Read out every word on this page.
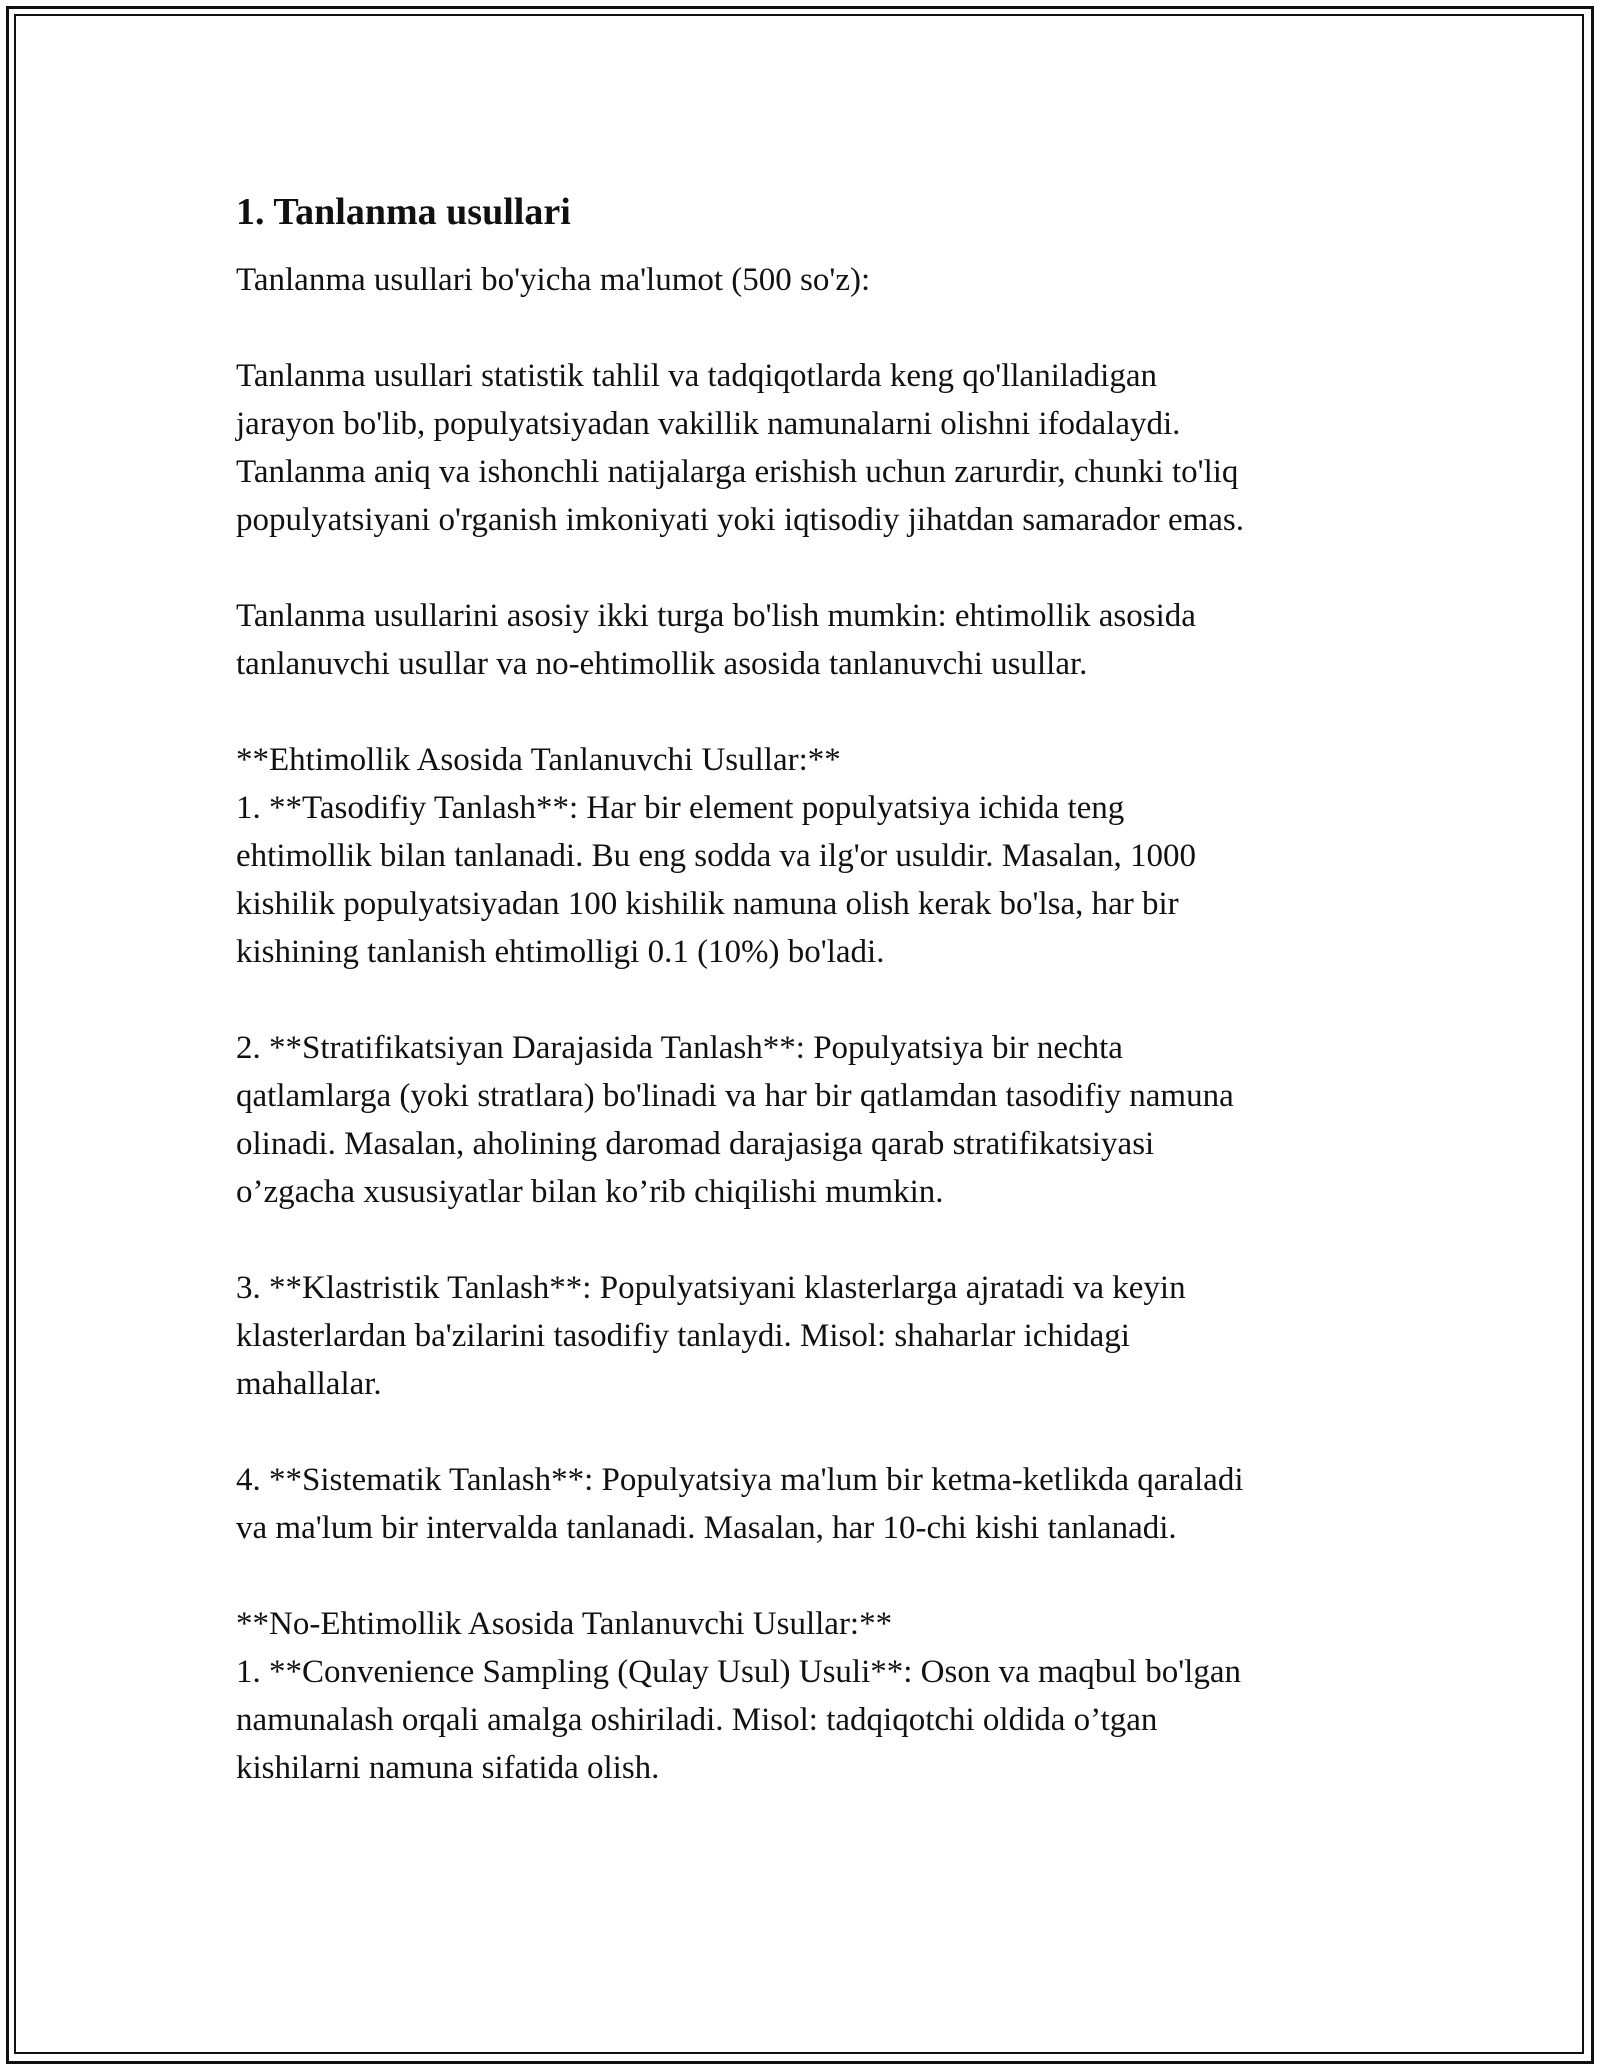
1. Tanlanma usullari
Tanlanma usullari bo'yicha ma'lumot (500 so'z):
Tanlanma usullari statistik tahlil va tadqiqotlarda keng qo'llaniladigan
jarayon bo'lib, populyatsiyadan vakillik namunalarni olishni ifodalaydi.
Tanlanma aniq va ishonchli natijalarga erishish uchun zarurdir, chunki to'liq
populyatsiyani o'rganish imkoniyati yoki iqtisodiy jihatdan samarador emas.
Tanlanma usullarini asosiy ikki turga bo'lish mumkin: ehtimollik asosida
tanlanuvchi usullar va no-ehtimollik asosida tanlanuvchi usullar.
**Ehtimollik Asosida Tanlanuvchi Usullar:**
1. **Tasodifiy Tanlash**: Har bir element populyatsiya ichida teng
ehtimollik bilan tanlanadi. Bu eng sodda va ilg'or usuldir. Masalan, 1000
kishilik populyatsiyadan 100 kishilik namuna olish kerak bo'lsa, har bir
kishining tanlanish ehtimolligi 0.1 (10%) bo'ladi.
2. **Stratifikatsiyan Darajasida Tanlash**: Populyatsiya bir nechta
qatlamlarga (yoki stratlara) bo'linadi va har bir qatlamdan tasodifiy namuna
olinadi. Masalan, aholining daromad darajasiga qarab stratifikatsiyasi
o’zgacha xususiyatlar bilan ko’rib chiqilishi mumkin.
3. **Klastristik Tanlash**: Populyatsiyani klasterlarga ajratadi va keyin
klasterlardan ba'zilarini tasodifiy tanlaydi. Misol: shaharlar ichidagi
mahallalar.
4. **Sistematik Tanlash**: Populyatsiya ma'lum bir ketma-ketlikda qaraladi
va ma'lum bir intervalda tanlanadi. Masalan, har 10-chi kishi tanlanadi.
**No-Ehtimollik Asosida Tanlanuvchi Usullar:**
1. **Convenience Sampling (Qulay Usul) Usuli**: Oson va maqbul bo'lgan
namunalash orqali amalga oshiriladi. Misol: tadqiqotchi oldida o’tgan
kishilarni namuna sifatida olish.
